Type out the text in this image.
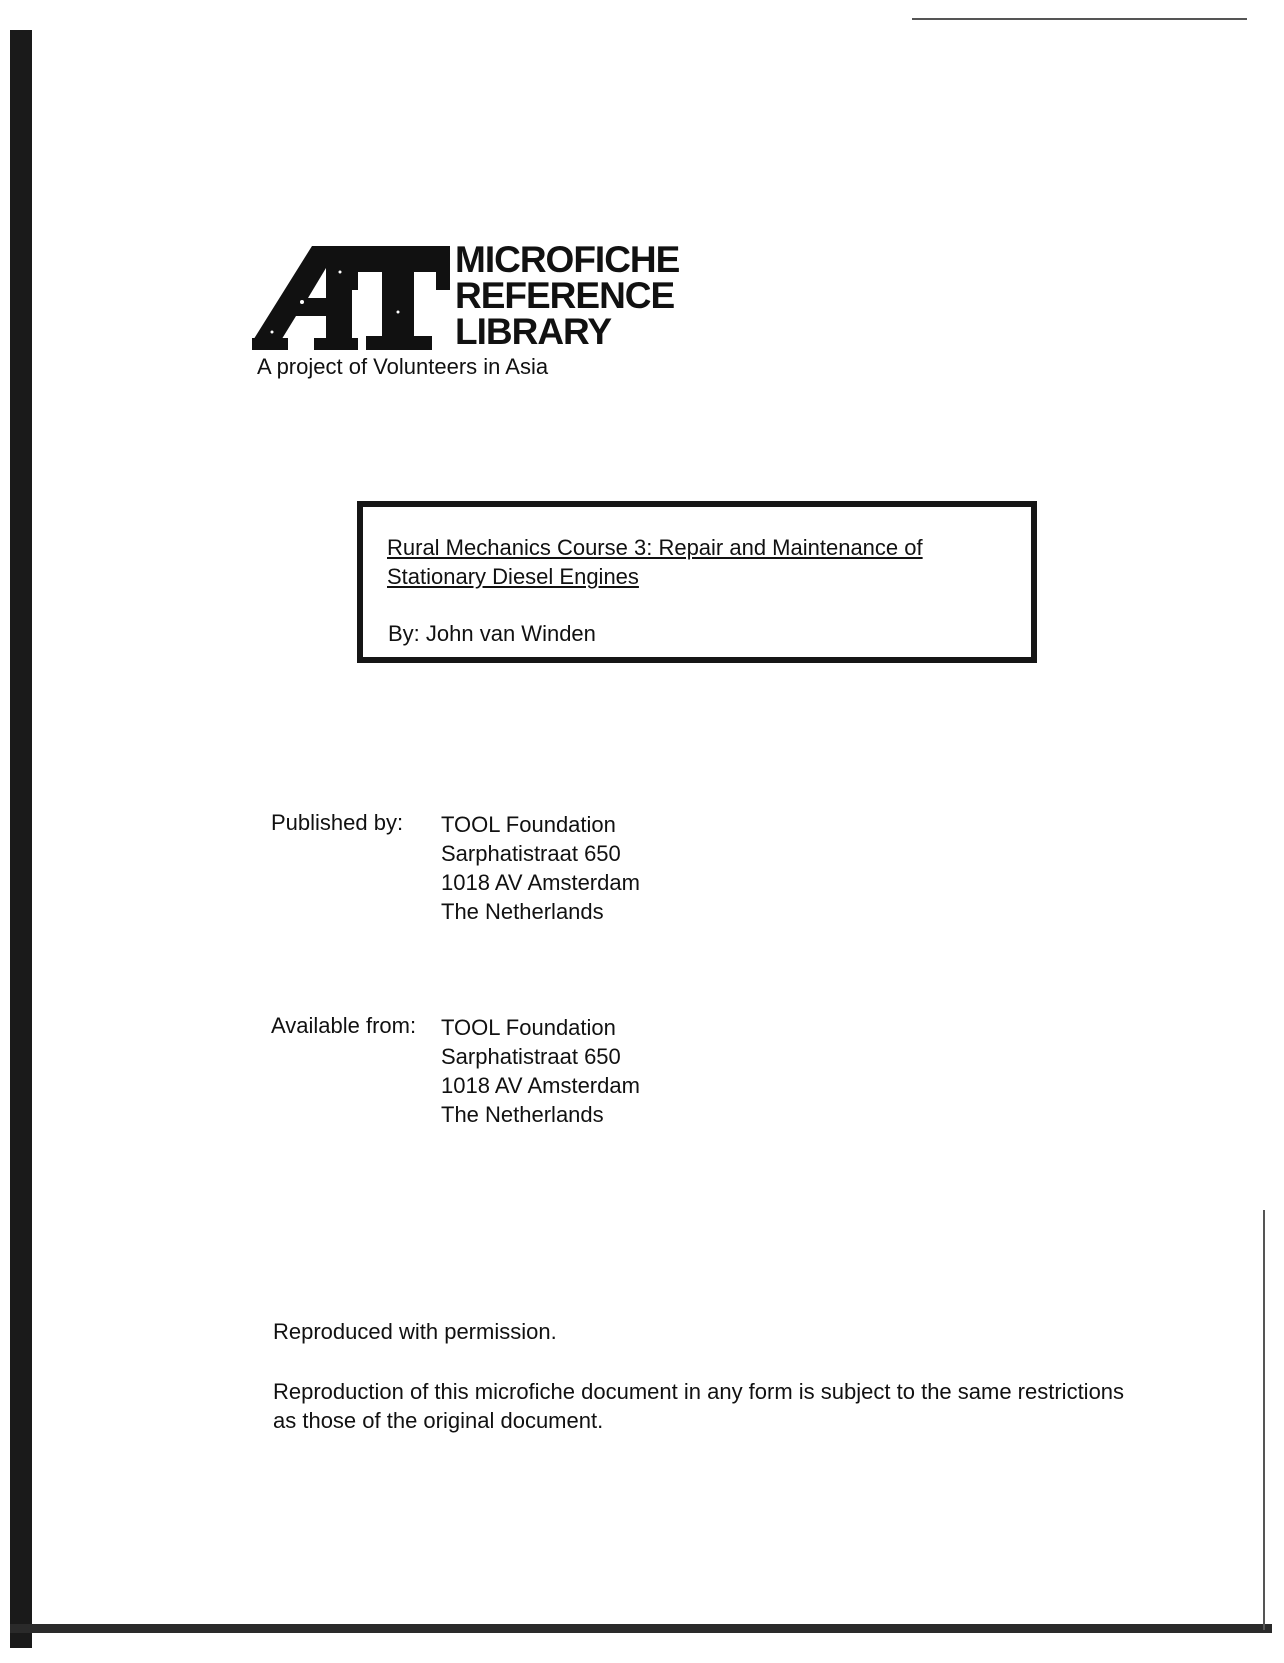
MICROFICHE
REFERENCE
LIBRARY
A project of Volunteers in Asia
Rural Mechanics Course 3: Repair and Maintenance of Stationary Diesel Engines
By: John van Winden
Published by: TOOL Foundation
Sarphatistraat 650
1018 AV Amsterdam
The Netherlands
Available from: TOOL Foundation
Sarphatistraat 650
1018 AV Amsterdam
The Netherlands
Reproduced with permission.
Reproduction of this microfiche document in any form is subject to the same restrictions as those of the original document.
